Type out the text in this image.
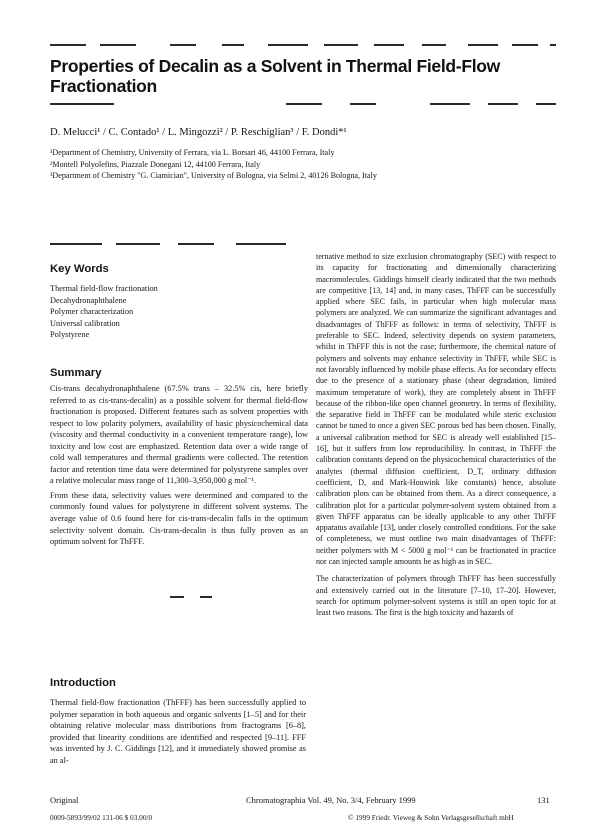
Properties of Decalin as a Solvent in Thermal Field-Flow Fractionation
D. Melucci¹ / C. Contado¹ / L. Mingozzi² / P. Reschiglian³ / F. Dondi*¹
¹Department of Chemistry, University of Ferrara, via L. Borsari 46, 44100 Ferrara, Italy
²Montell Polyolefins, Piazzale Donegani 12, 44100 Ferrara, Italy
³Department of Chemistry "G. Ciamician", University of Bologna, via Selmi 2, 40126 Bologna, Italy
Key Words
Thermal field-flow fractionation
Decahydronaphthalene
Polymer characterization
Universal calibration
Polystyrene
Summary

Cis-trans decahydronaphthalene (67.5% trans – 32.5% cis, here briefly referred to as cis-trans-decalin) as a possible solvent for thermal field-flow fractionation is proposed. Different features such as solvent properties with respect to low polarity polymers, availability of basic physicochemical data (viscosity and thermal conductivity in a convenient temperature range), low toxicity and low cost are emphasized. Retention data over a wide range of cold wall temperatures and thermal gradients were collected. The retention factor and retention time data were determined for polystyrene samples over a relative molecular mass range of 11,300–3,950,000 g mol⁻¹.

From these data, selectivity values were determined and compared to the commonly found values for polystyrene in different solvent systems. The average value of 0.6 found here for cis-trans-decalin falls in the optimum selectivity solvent domain. Cis-trans-decalin is thus fully proven as an optimum solvent for ThFFF.

Introduction

Thermal field-flow fractionation (ThFFF) has been successfully applied to polymer separation in both aqueous and organic solvents [1–5] and for their obtaining relative molecular mass distributions from fractograms [6–8], provided that linearity conditions are identified and respected [9–11]. FFF was invented by J. C. Giddings [12], and it immediately showed promise as an al-

ternative method to size exclusion chromatography (SEC) with respect to its capacity for fractionating and dimensionally characterizing macromolecules. Giddings himself clearly indicated that the two methods are competitive [13, 14] and, in many cases, ThFFF can be successfully applied where SEC fails, in particular when high molecular mass polymers are analyzed. We can summarize the significant advantages and disadvantages of ThFFF as follows: in terms of selectivity, ThFFF is preferable to SEC. Indeed, selectivity depends on system parameters, whilst in ThFFF this is not the case; furthermore, the chemical nature of polymers and solvents may enhance selectivity in ThFFF, while SEC is not favorably influenced by mobile phase effects. As for secondary effects due to the presence of a stationary phase (shear degradation, limited maximum temperature of work), they are completely absent in ThFFF because of the ribbon-like open channel geometry. In terms of flexibility, the separative field in ThFFF can be modulated while steric exclusion cannot be tuned to once a given SEC porous bed has been chosen. Finally, a universal calibration method for SEC is already well established [15–16], but it suffers from low reproducibility. In contrast, in ThFFF the calibration constants depend on the physicochemical characteristics of the analytes (thermal diffusion coefficient, D_T, ordinary diffusion coefficient, D, and Mark-Houwink like constants) hence, absolute calibration plots can be obtained from them. As a direct consequence, a calibration plot for a particular polymer-solvent system obtained from a given ThFFF apparatus can be ideally applicable to any other ThFFF apparatus available [13], under closely controlled conditions. For the sake of completeness, we must outline two main disadvantages of ThFFF: neither polymers with M < 5000 g mol⁻¹ can be fractionated in practice nor can injected sample amounts be as high as in SEC.

The characterization of polymers through ThFFF has been successfully and extensively carried out in the literature [7–10, 17–20]. However, search for optimum polymer-solvent systems is still an open topic for at least two reasons. The first is the high toxicity and hazards of

Original	Chromatographia Vol. 49, No. 3/4, February 1999	131
0009-5893/99/02 131-06 $ 03.00/0	© 1999 Friedr. Vieweg & Sohn Verlagsgesellschaft mbH
